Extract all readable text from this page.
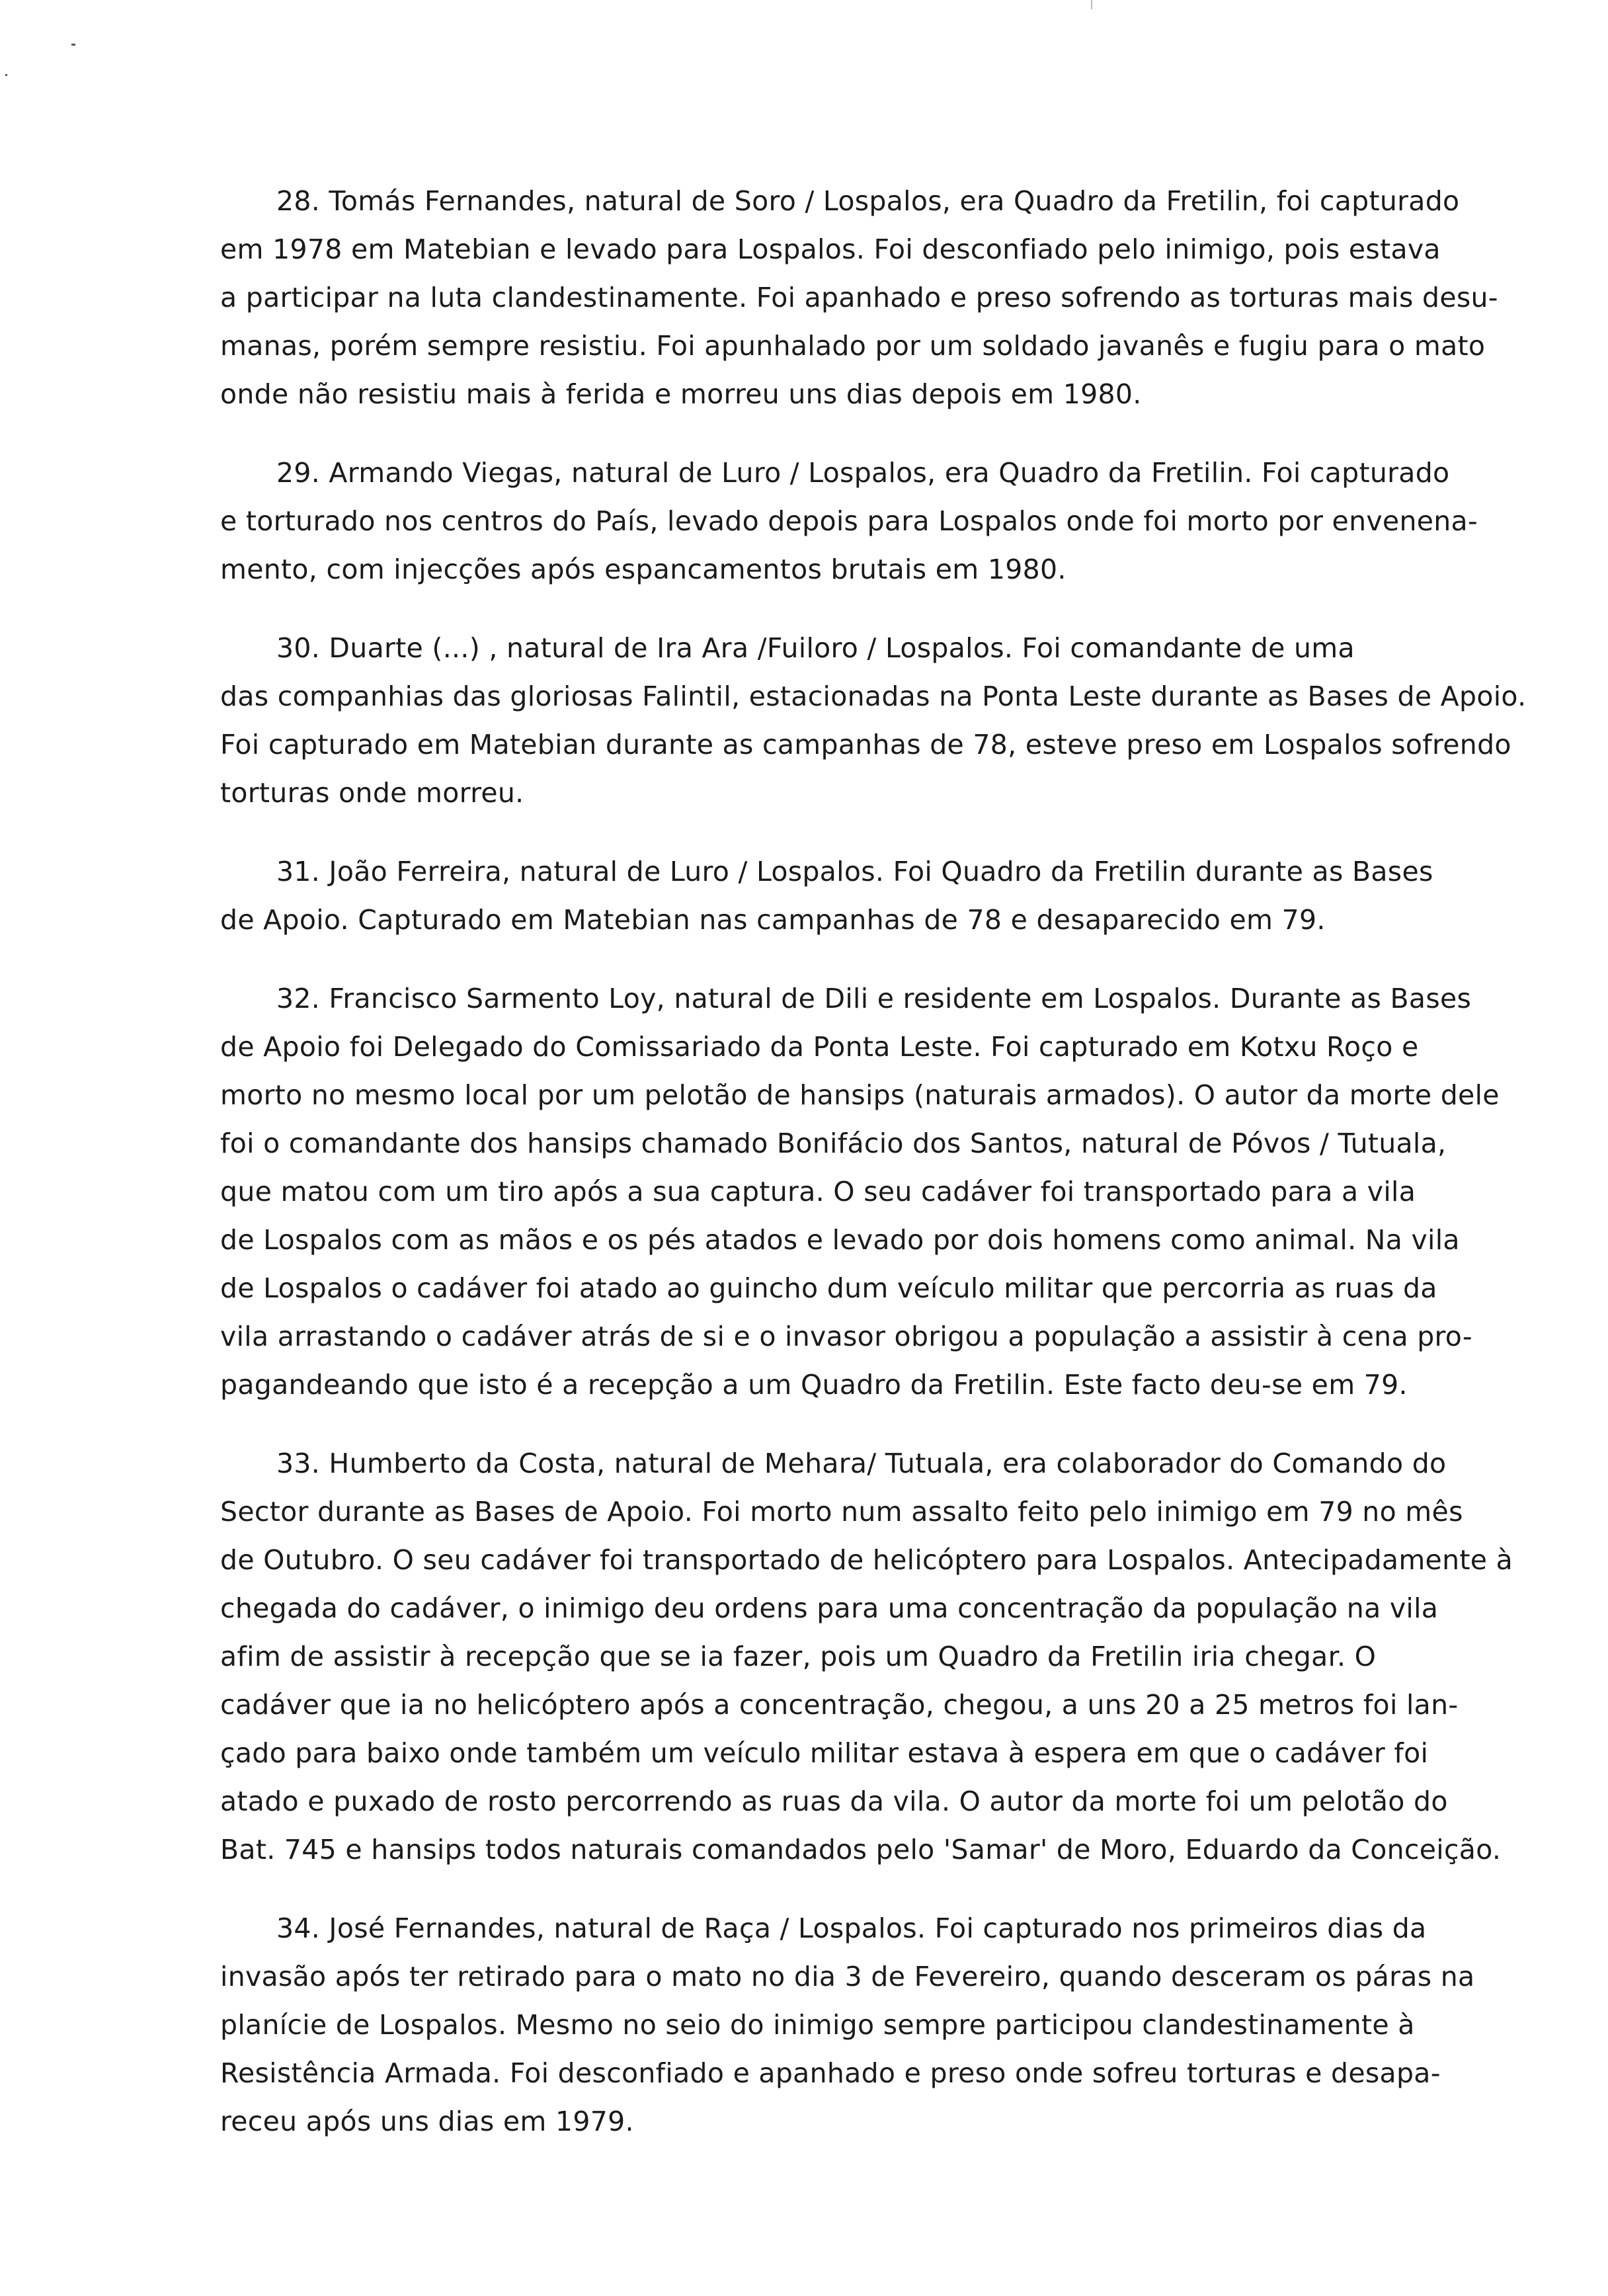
28. Tomás Fernandes, natural de Soro / Lospalos, era Quadro da Fretilin, foi capturado
em 1978 em Matebian e levado para Lospalos. Foi desconfiado pelo inimigo, pois estava
a participar na luta clandestinamente. Foi apanhado e preso sofrendo as torturas mais desu-
manas, porém sempre resistiu. Foi apunhalado por um soldado javanês e fugiu para o mato
onde não resistiu mais à ferida e morreu uns dias depois em 1980.
29. Armando Viegas, natural de Luro / Lospalos, era Quadro da Fretilin. Foi capturado
e torturado nos centros do País, levado depois para Lospalos onde foi morto por envenena-
mento, com injecções após espancamentos brutais em 1980.
30. Duarte (...) , natural de Ira Ara /Fuiloro / Lospalos. Foi comandante de uma
das companhias das gloriosas Falintil, estacionadas na Ponta Leste durante as Bases de Apoio.
Foi capturado em Matebian durante as campanhas de 78, esteve preso em Lospalos sofrendo
torturas onde morreu.
31. João Ferreira, natural de Luro / Lospalos. Foi Quadro da Fretilin durante as Bases
de Apoio. Capturado em Matebian nas campanhas de 78 e desaparecido em 79.
32. Francisco Sarmento Loy, natural de Dili e residente em Lospalos. Durante as Bases
de Apoio foi Delegado do Comissariado da Ponta Leste. Foi capturado em Kotxu Roço e
morto no mesmo local por um pelotão de hansips (naturais armados). O autor da morte dele
foi o comandante dos hansips chamado Bonifácio dos Santos, natural de Póvos / Tutuala,
que matou com um tiro após a sua captura. O seu cadáver foi transportado para a vila
de Lospalos com as mãos e os pés atados e levado por dois homens como animal. Na vila
de Lospalos o cadáver foi atado ao guincho dum veículo militar que percorria as ruas da
vila arrastando o cadáver atrás de si e o invasor obrigou a população a assistir à cena pro-
pagandeando que isto é a recepção a um Quadro da Fretilin. Este facto deu-se em 79.
33. Humberto da Costa, natural de Mehara/ Tutuala, era colaborador do Comando do
Sector durante as Bases de Apoio. Foi morto num assalto feito pelo inimigo em 79 no mês
de Outubro. O seu cadáver foi transportado de helicóptero para Lospalos. Antecipadamente à
chegada do cadáver, o inimigo deu ordens para uma concentração da população na vila
afim de assistir à recepção que se ia fazer, pois um Quadro da Fretilin iria chegar. O
cadáver que ia no helicóptero após a concentração, chegou, a uns 20 a 25 metros foi lan-
çado para baixo onde também um veículo militar estava à espera em que o cadáver foi
atado e puxado de rosto percorrendo as ruas da vila. O autor da morte foi um pelotão do
Bat. 745 e hansips todos naturais comandados pelo 'Samar' de Moro, Eduardo da Conceição.
34. José Fernandes, natural de Raça / Lospalos. Foi capturado nos primeiros dias da
invasão após ter retirado para o mato no dia 3 de Fevereiro, quando desceram os páras na
planície de Lospalos. Mesmo no seio do inimigo sempre participou clandestinamente à
Resistência Armada. Foi desconfiado e apanhado e preso onde sofreu torturas e desapa-
receu após uns dias em 1979.
